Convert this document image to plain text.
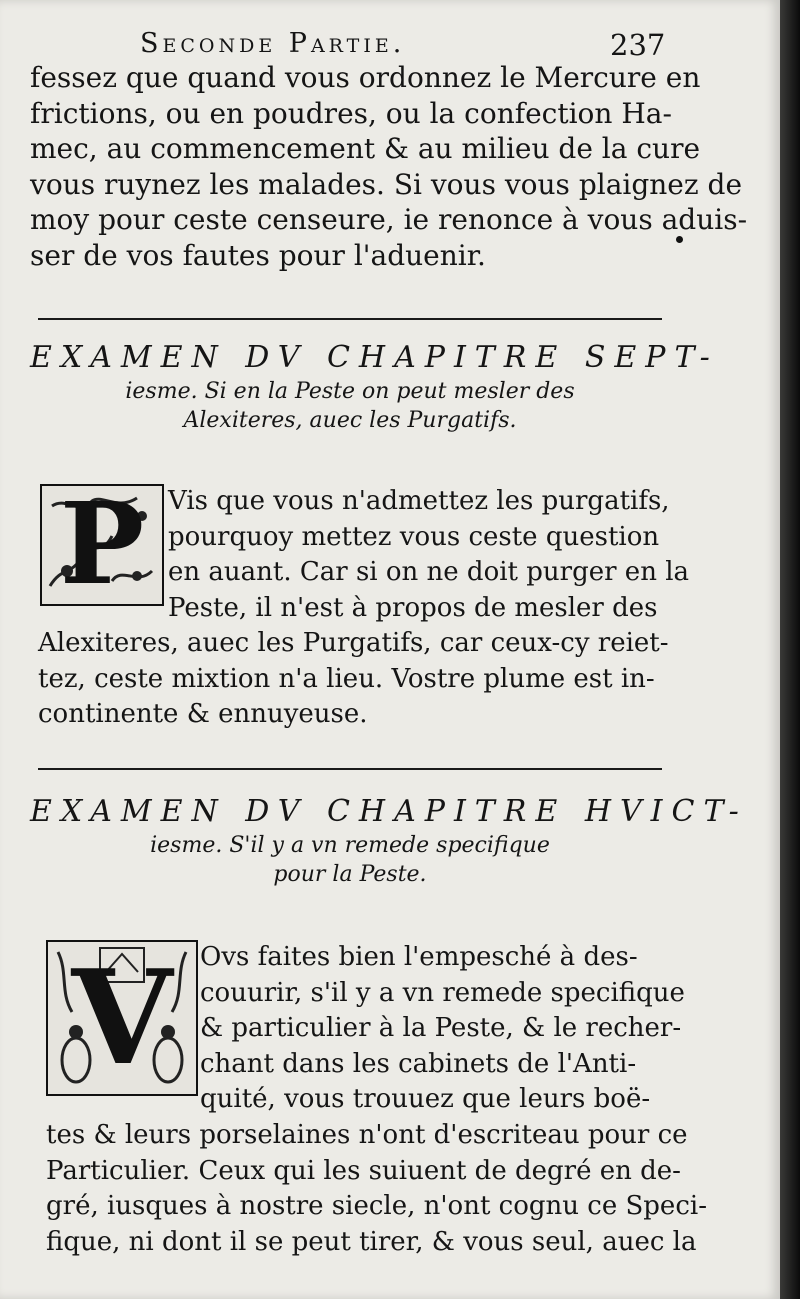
Seconde Partie.	237
fessez que quand vous ordonnez le Mercure en
frictions, ou en poudres, ou la confection Ha-
mec, au commencement & au milieu de la cure
vous ruynez les malades. Si vous vous plaignez de
moy pour ceste censeure, ie renonce à vous aduis-
ser de vos fautes pour l'aduenir.
EXAMEN DV CHAPITRE SEPT-
iesme. Si en la Peste on peut mesler des
Alexiteres, auec les Purgatifs.
P Vis que vous n'admettez les purgatifs,
pourquoy mettez vous ceste question
en auant. Car si on ne doit purger en la
Peste, il n'est à propos de mesler des
Alexiteres, auec les Purgatifs, car ceux-cy reiet-
tez, ceste mixtion n'a lieu. Vostre plume est in-
continente & ennuyeuse.
EXAMEN DV CHAPITRE HVICT-
iesme. S'il y a vn remede specifique
pour la Peste.
V Ovs faites bien l'empesché à des-
couurir, s'il y a vn remede specifique
& particulier à la Peste, & le recher-
chant dans les cabinets de l'Anti-
quité, vous trouuez que leurs boë-
tes & leurs porselaines n'ont d'escriteau pour ce
Particulier. Ceux qui les suiuent de degré en de-
gré, iusques à nostre siecle, n'ont cognu ce Speci-
fique, ni dont il se peut tirer, & vous seul, auec la
